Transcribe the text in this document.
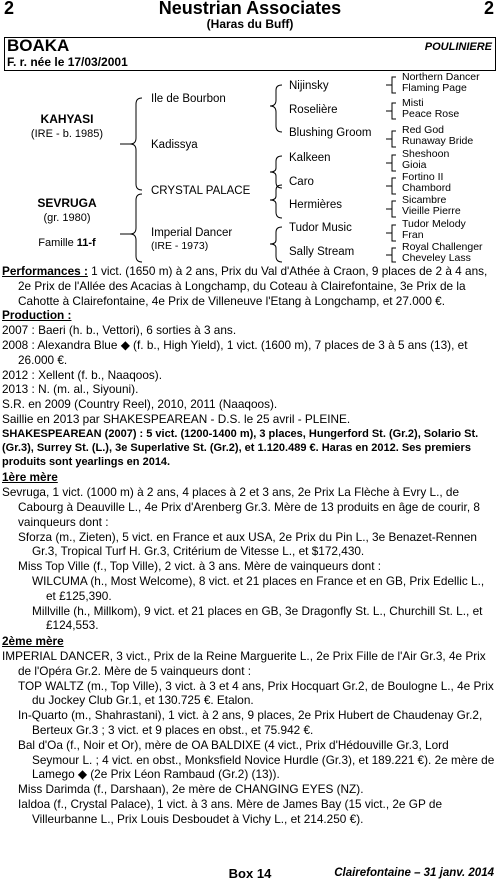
2	Neustrian Associates
(Haras du Buff)
2
BOAKA	POULINIERE
F. r. née le 17/03/2001
KAHYASI
(IRE - b. 1985)
SEVRUGA
(gr. 1980)
Famille 11-f
Ile de Bourbon
Kadissya
CRYSTAL PALACE
Imperial Dancer
(IRE - 1973)
Nijinsky
Roselière
Blushing Groom
Kalkeen
Caro
Hermières
Tudor Music
Sally Stream
Northern Dancer
Flaming Page
Misti
Peace Rose
Red God
Runaway Bride
Sheshoon
Gioia
Fortino II
Chambord
Sicambre
Vieille Pierre
Tudor Melody
Fran
Royal Challenger
Cheveley Lass

Performances : 1 vict. (1650 m) à 2 ans, Prix du Val d'Athée à Craon, 9 places de 2 à 4 ans, 2e Prix de l'Allée des Acacias à Longchamp, du Coteau à Clairefontaine, 3e Prix de la Cahotte à Clairefontaine, 4e Prix de Villeneuve l'Etang à Longchamp, et 27.000 €.

Production :

2007 : Baeri (h. b., Vettori), 6 sorties à 3 ans.

2008 : Alexandra Blue ◆ (f. b., High Yield), 1 vict. (1600 m), 7 places de 3 à 5 ans (13), et 26.000 €.

2012 : Xellent (f. b., Naaqoos).

2013 : N. (m. al., Siyouni).

S.R. en 2009 (Country Reel), 2010, 2011 (Naaqoos).

Saillie en 2013 par SHAKESPEAREAN - D.S. le 25 avril - PLEINE.

SHAKESPEAREAN (2007) : 5 vict. (1200-1400 m), 3 places, Hungerford St. (Gr.2), Solario St. (Gr.3), Surrey St. (L.), 3e Superlative St. (Gr.2), et 1.120.489 €. Haras en 2012. Ses premiers produits sont yearlings en 2014.

1ère mère

Sevruga, 1 vict. (1000 m) à 2 ans, 4 places à 2 et 3 ans, 2e Prix La Flèche à Evry L., de Cabourg à Deauville L., 4e Prix d'Arenberg Gr.3. Mère de 13 produits en âge de courir, 8 vainqueurs dont :

Sforza (m., Zieten), 5 vict. en France et aux USA, 2e Prix du Pin L., 3e Benazet-Rennen Gr.3, Tropical Turf H. Gr.3, Critérium de Vitesse L., et $172,430.

Miss Top Ville (f., Top Ville), 2 vict. à 3 ans. Mère de vainqueurs dont :

WILCUMA (h., Most Welcome), 8 vict. et 21 places en France et en GB, Prix Edellic L., et £125,390.

Millville (h., Millkom), 9 vict. et 21 places en GB, 3e Dragonfly St. L., Churchill St. L., et £124,553.

2ème mère

IMPERIAL DANCER, 3 vict., Prix de la Reine Marguerite L., 2e Prix Fille de l'Air Gr.3, 4e Prix de l'Opéra Gr.2. Mère de 5 vainqueurs dont :

TOP WALTZ (m., Top Ville), 3 vict. à 3 et 4 ans, Prix Hocquart Gr.2, de Boulogne L., 4e Prix du Jockey Club Gr.1, et 130.725 €. Etalon.

In-Quarto (m., Shahrastani), 1 vict. à 2 ans, 9 places, 2e Prix Hubert de Chaudenay Gr.2, Berteux Gr.3 ; 3 vict. et 9 places en obst., et 75.942 €.

Bal d'Oa (f., Noir et Or), mère de OA BALDIXE (4 vict., Prix d'Hédouville Gr.3, Lord Seymour L. ; 4 vict. en obst., Monksfield Novice Hurdle (Gr.3), et 189.221 €). 2e mère de Lamego ◆ (2e Prix Léon Rambaud (Gr.2) (13)).

Miss Darimda (f., Darshaan), 2e mère de CHANGING EYES (NZ).

Ialdoa (f., Crystal Palace), 1 vict. à 3 ans. Mère de James Bay (15 vict., 2e GP de Villeurbanne L., Prix Louis Desboudet à Vichy L., et 214.250 €).

Box 14	Clairefontaine – 31 janv. 2014
